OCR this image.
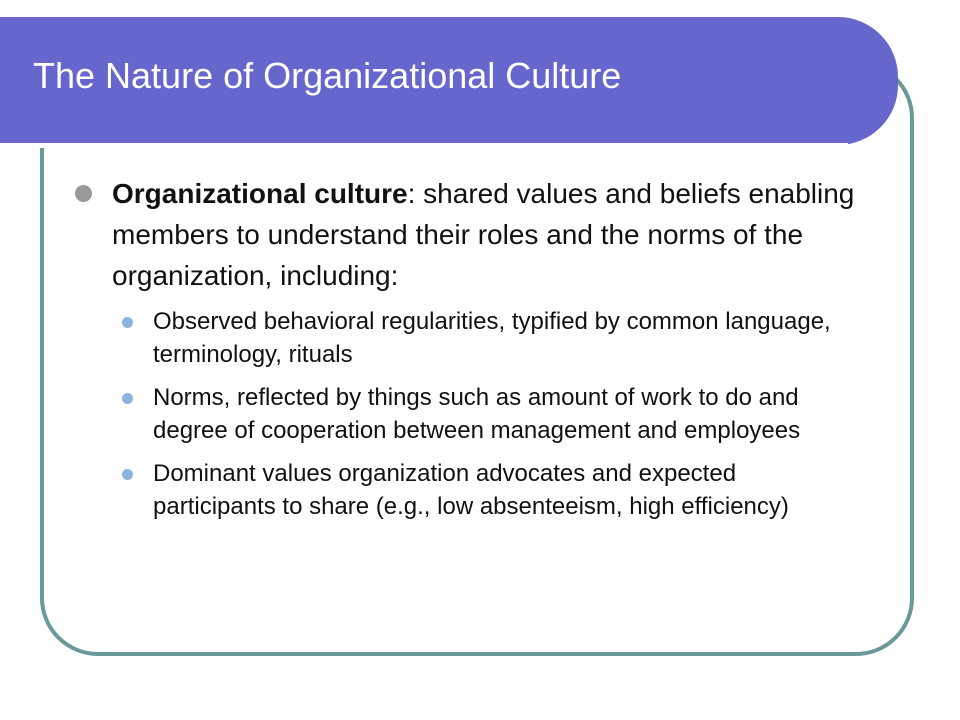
The Nature of Organizational Culture

Organizational culture: shared values and beliefs enabling members to understand their roles and the norms of the organization, including:

Observed behavioral regularities, typified by common language, terminology, rituals
Norms, reflected by things such as amount of work to do and degree of cooperation between management and employees
Dominant values organization advocates and expected participants to share (e.g., low absenteeism, high efficiency)
